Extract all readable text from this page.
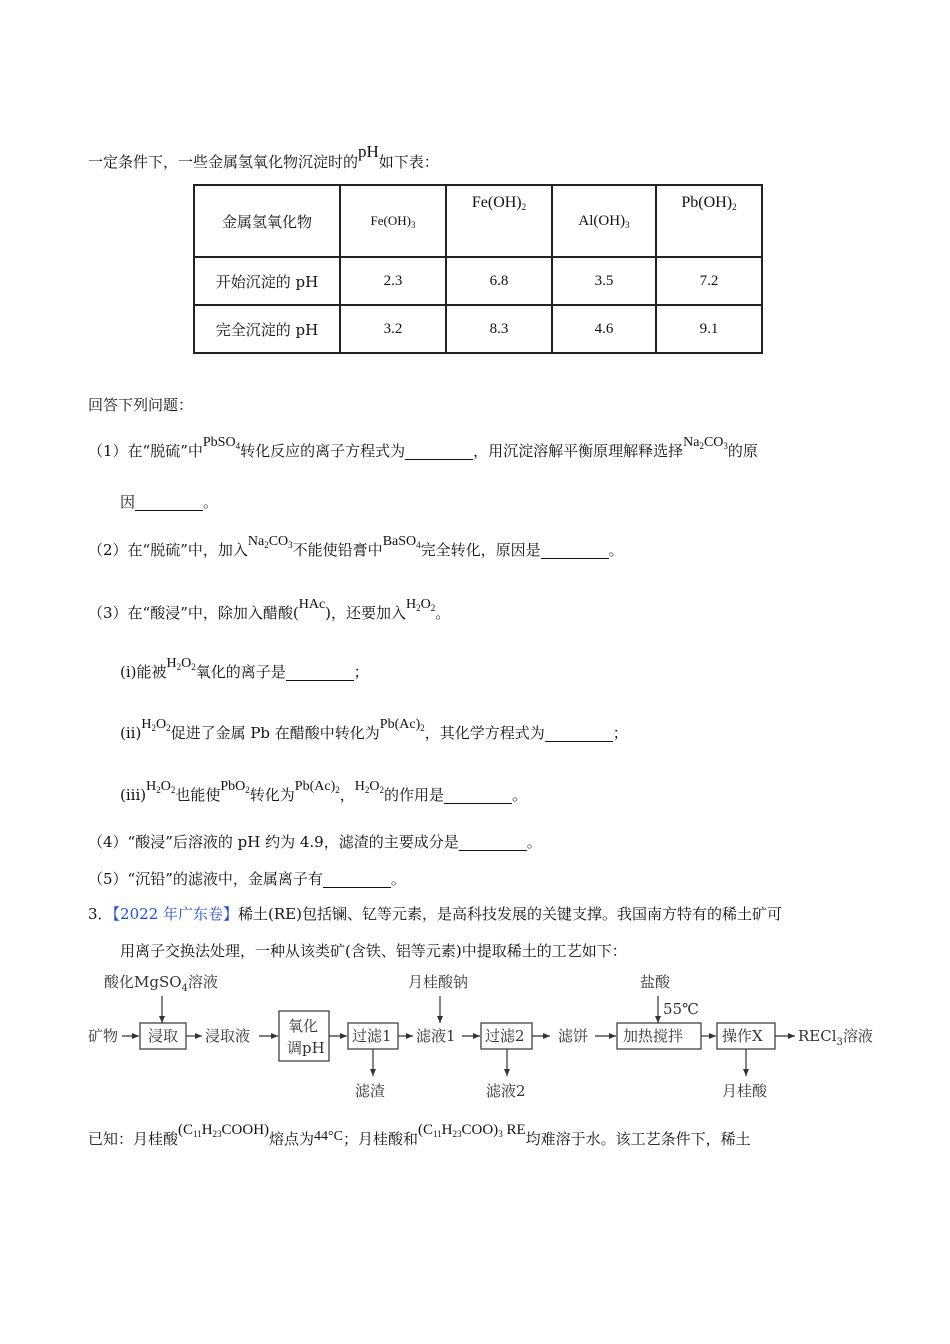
一定条件下，一些金属氢氧化物沉淀时的pH如下表：
金属氢氧化物	$Fe(OH)_3$	$Fe(OH)_2$	$Al(OH)_3$	$Pb(OH)_2$
开始沉淀的 pH	2.3	6.8	3.5	7.2
完全沉淀的 pH	3.2	8.3	4.6	9.1
回答下列问题：
（1）在“脱硫”中PbSO$_4$转化反应的离子方程式为	，用沉淀溶解平衡原理解释选择$Na_2CO_3$的原
因	。
（2）在“脱硫”中，加入$Na_2CO_3$不能使铅膏中BaSO$_4$完全转化，原因是	。
（3）在“酸浸”中，除加入醋酸(HAc)，还要加入$H_2O_2$。
(i)能被$H_2O_2$氧化的离子是	；
$(ii)H_2O_2$促进了金属 Pb 在醋酸中转化为$Pb(Ac)_2$，其化学方程式为	；
$(iii)H_2O_2$也能使PbO$_2$转化为$Pb(Ac)_2$，$H_2O_2$的作用是	。
（4）“酸浸”后溶液的 pH 约为 4.9，滤渣的主要成分是	。
（5）“沉铅”的滤液中，金属离子有	。
3．【2022 年广东卷】稀土(RE)包括镧、钇等元素，是高科技发展的关键支撑。我国南方特有的稀土矿可
用离子交换法处理，一种从该类矿(含铁、铝等元素)中提取稀土的工艺如下：
酸化MgSO$_4$溶液	月桂酸钠	盐酸
55℃
矿物 浸取 浸取液
氧化
调pH
过滤1 滤液1 过滤2 滤饼 加热搅拌	操作X RECl$_3$溶液
滤渣	滤液2	月桂酸
已知：月桂酸$(C_{11}H_{23}COOH)$熔点为44°C；月桂酸和$(C_{11}H_{23}COO)_3$ RE均难溶于水。该工艺条件下，稀土
